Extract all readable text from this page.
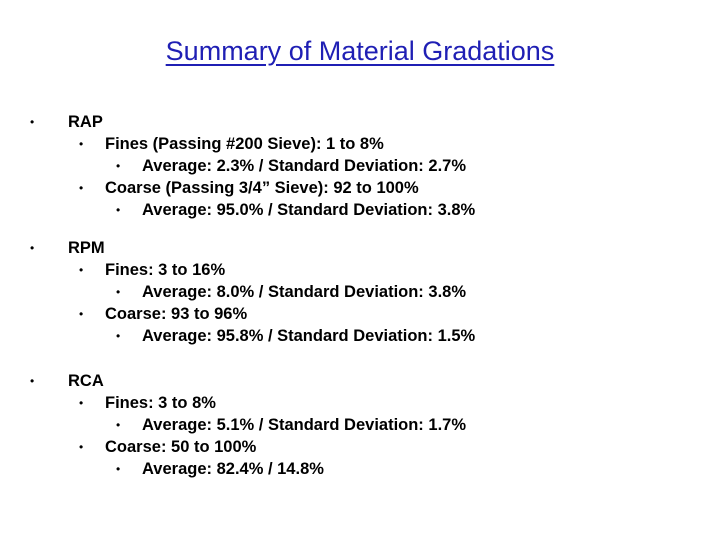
Summary of Material Gradations
• RAP
• Fines (Passing #200 Sieve): 1 to 8%
• Average: 2.3% / Standard Deviation: 2.7%
• Coarse (Passing 3/4” Sieve): 92 to 100%
• Average: 95.0% / Standard Deviation: 3.8%
• RPM
• Fines: 3 to 16%
• Average: 8.0% / Standard Deviation: 3.8%
• Coarse: 93 to 96%
• Average: 95.8% / Standard Deviation: 1.5%
• RCA
• Fines: 3 to 8%
• Average: 5.1% / Standard Deviation: 1.7%
• Coarse: 50 to 100%
• Average: 82.4% / 14.8%
